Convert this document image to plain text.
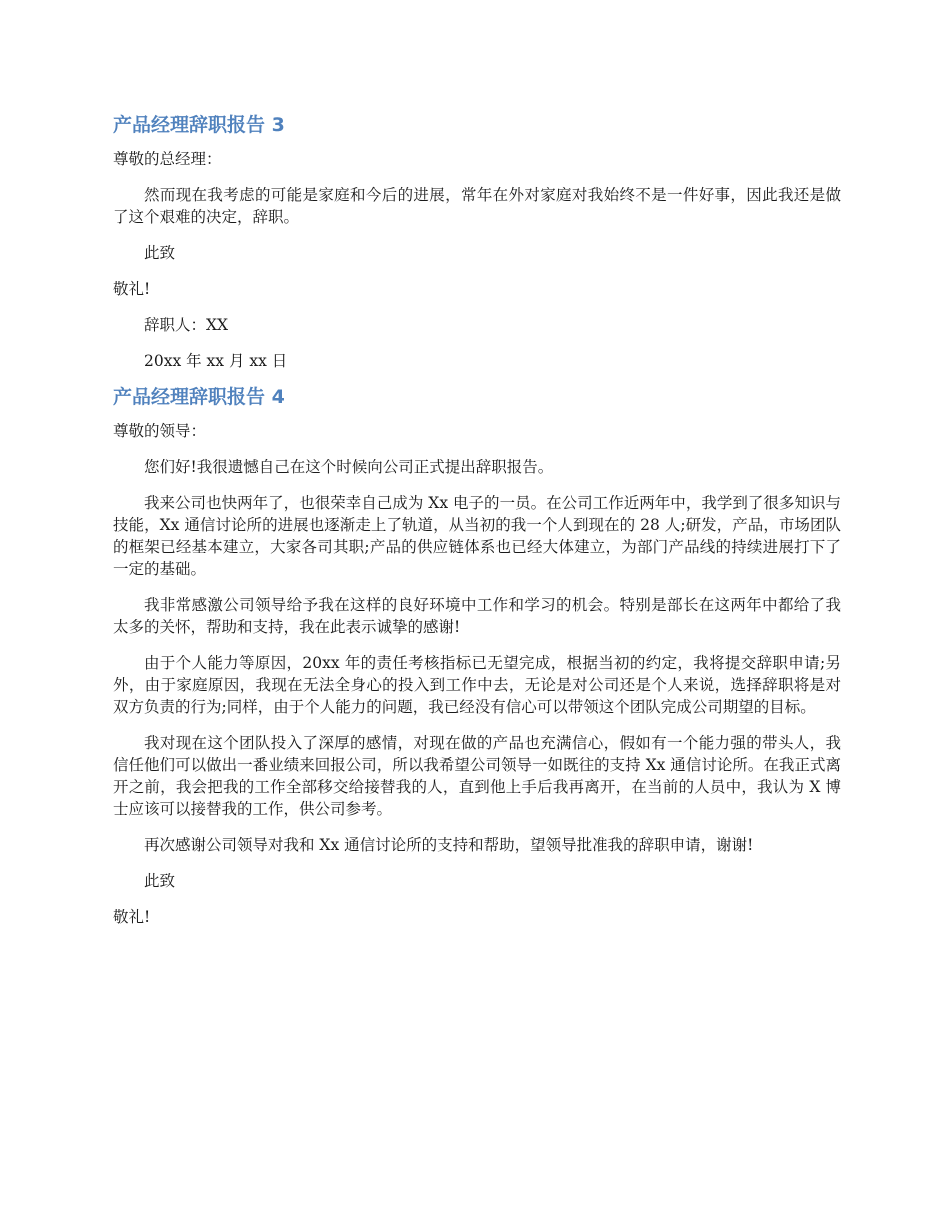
产品经理辞职报告 3
尊敬的总经理：
然而现在我考虑的可能是家庭和今后的进展，常年在外对家庭对我始终不是一件好事，因此我还是做了这个艰难的决定，辞职。
此致
敬礼!
辞职人：XX
20xx 年 xx 月 xx 日
产品经理辞职报告 4
尊敬的领导：
您们好!我很遗憾自己在这个时候向公司正式提出辞职报告。
我来公司也快两年了，也很荣幸自己成为 Xx 电子的一员。在公司工作近两年中，我学到了很多知识与技能，Xx 通信讨论所的进展也逐渐走上了轨道，从当初的我一个人到现在的 28 人;研发，产品，市场团队的框架已经基本建立，大家各司其职;产品的供应链体系也已经大体建立，为部门产品线的持续进展打下了一定的基础。
我非常感激公司领导给予我在这样的良好环境中工作和学习的机会。特别是部长在这两年中都给了我太多的关怀，帮助和支持，我在此表示诚挚的感谢!
由于个人能力等原因，20xx 年的责任考核指标已无望完成，根据当初的约定，我将提交辞职申请;另外，由于家庭原因，我现在无法全身心的投入到工作中去，无论是对公司还是个人来说，选择辞职将是对双方负责的行为;同样，由于个人能力的问题，我已经没有信心可以带领这个团队完成公司期望的目标。
我对现在这个团队投入了深厚的感情，对现在做的产品也充满信心，假如有一个能力强的带头人，我信任他们可以做出一番业绩来回报公司，所以我希望公司领导一如既往的支持 Xx 通信讨论所。在我正式离开之前，我会把我的工作全部移交给接替我的人，直到他上手后我再离开，在当前的人员中，我认为 X 博士应该可以接替我的工作，供公司参考。
再次感谢公司领导对我和 Xx 通信讨论所的支持和帮助，望领导批准我的辞职申请，谢谢!
此致
敬礼!
